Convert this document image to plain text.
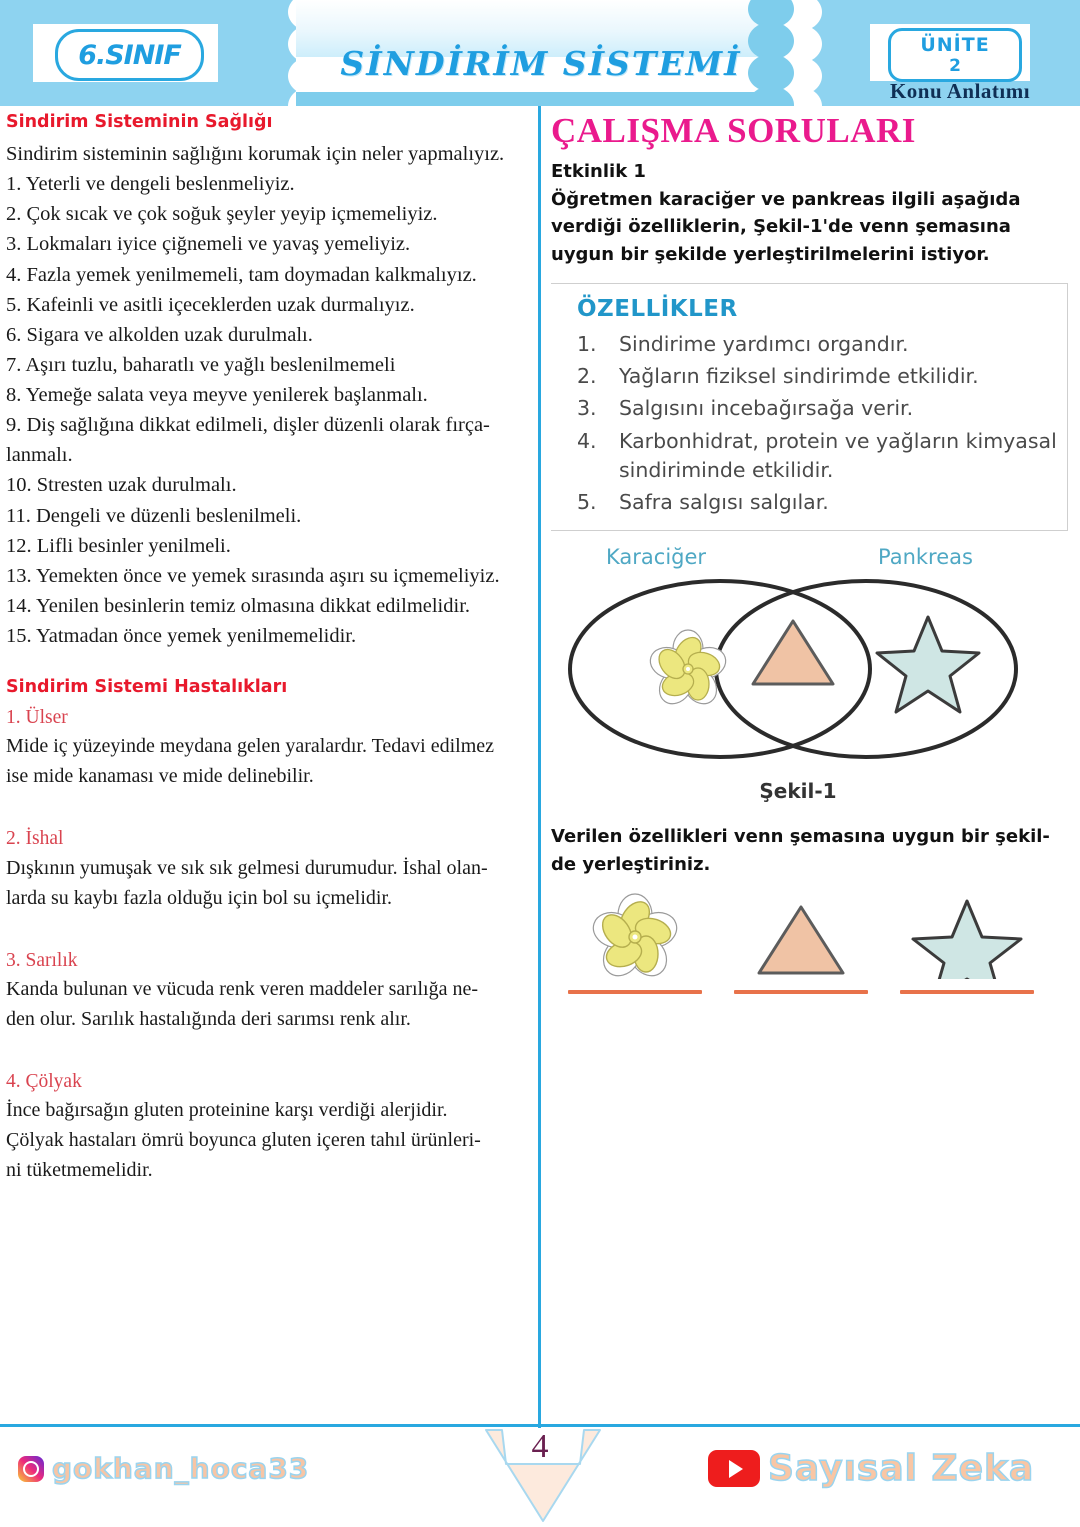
6.SINIF	SİNDİRİM SİSTEMİ	ÜNİTE
2
Konu Anlatımı
Sindirim Sisteminin Sağlığı

Sindirim sisteminin sağlığını korumak için neler yapmalıyız.

1. Yeterli ve dengeli beslenmeliyiz.

2. Çok sıcak ve çok soğuk şeyler yeyip içmemeliyiz.

3. Lokmaları iyice çiğnemeli ve yavaş yemeliyiz.

4. Fazla yemek yenilmemeli, tam doymadan kalkmalıyız.

5. Kafeinli ve asitli içeceklerden uzak durmalıyız.

6. Sigara ve alkolden uzak durulmalı.

7. Aşırı tuzlu, baharatlı ve yağlı beslenilmemeli

8. Yemeğe salata veya meyve yenilerek başlanmalı.

9. Diş sağlığına dikkat edilmeli, dişler düzenli olarak fırça-

lanmalı.

10. Stresten uzak durulmalı.

11. Dengeli ve düzenli beslenilmeli.

12. Lifli besinler yenilmeli.

13. Yemekten önce ve yemek sırasında aşırı su içmemeliyiz.

14. Yenilen besinlerin temiz olmasına dikkat edilmelidir.

15. Yatmadan önce yemek yenilmemelidir.

Sindirim Sistemi Hastalıkları

1. Ülser

Mide iç yüzeyinde meydana gelen yaralardır. Tedavi edilmez

ise mide kanaması ve mide delinebilir.

2. İshal

Dışkının yumuşak ve sık sık gelmesi durumudur. İshal olan-

larda su kaybı fazla olduğu için bol su içmelidir.

3. Sarılık

Kanda bulunan ve vücuda renk veren maddeler sarılığa ne-

den olur. Sarılık hastalığında deri sarımsı renk alır.

4. Çölyak

İnce bağırsağın gluten proteinine karşı verdiği alerjidir.

Çölyak hastaları ömrü boyunca gluten içeren tahıl ürünleri-

ni tüketmemelidir.

ÇALIŞMA SORULARI
Etkinlik 1

Öğretmen karaciğer ve pankreas ilgili aşağıda

verdiği özelliklerin, Şekil-1'de venn şemasına

uygun bir şekilde yerleştirilmelerini istiyor.

ÖZELLİKLER
1.	Sindirime yardımcı organdır.
2.	Yağların fiziksel sindirimde etkilidir.
3.	Salgısını incebağırsağa verir.
4.	Karbonhidrat, protein ve yağların kimyasal sindiriminde etkilidir.
5.	Safra salgısı salgılar.
Karaciğer	Pankreas
Şekil-1

Verilen özellikleri venn şemasına uygun bir şekil-

de yerleştiriniz.

4
gokhan_hoca33	Sayısal Zeka
